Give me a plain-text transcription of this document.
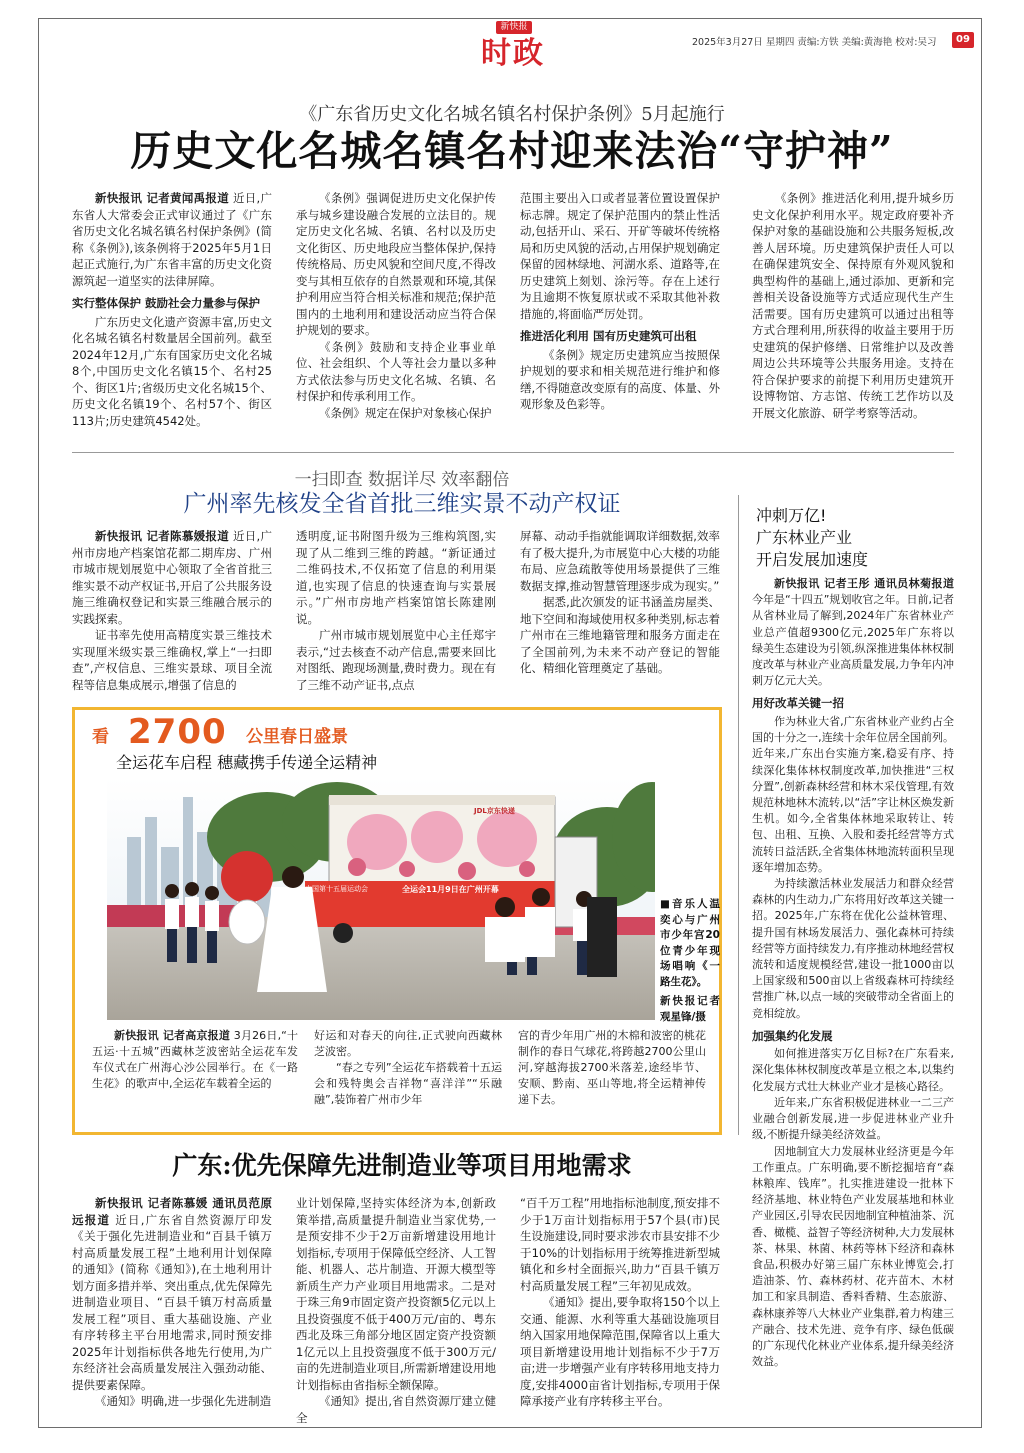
新快报
时政	2025年3月27日 星期四 责编:方铁 美编:黄海艳 校对:吴习	09
《广东省历史文化名城名镇名村保护条例》5月起施行
历史文化名城名镇名村迎来法治“守护神”

新快报讯 记者黄闻禹报道 近日,广东省人大常委会正式审议通过了《广东省历史文化名城名镇名村保护条例》(简称《条例》),该条例将于2025年5月1日起正式施行,为广东省丰富的历史文化资源筑起一道坚实的法律屏障。

实行整体保护 鼓励社会力量参与保护

广东历史文化遗产资源丰富,历史文化名城名镇名村数量居全国前列。截至2024年12月,广东有国家历史文化名城8个,中国历史文化名镇15个、名村25个、街区1片;省级历史文化名城15个、历史文化名镇19个、名村57个、街区113片;历史建筑4542处。

《条例》强调促进历史文化保护传承与城乡建设融合发展的立法目的。规定历史文化名城、名镇、名村以及历史文化街区、历史地段应当整体保护,保持传统格局、历史风貌和空间尺度,不得改变与其相互依存的自然景观和环境,其保护利用应当符合相关标准和规范;保护范围内的土地利用和建设活动应当符合保护规划的要求。

《条例》鼓励和支持企业事业单位、社会组织、个人等社会力量以多种方式依法参与历史文化名城、名镇、名村保护和传承利用工作。

《条例》规定在保护对象核心保护

范围主要出入口或者显著位置设置保护标志牌。规定了保护范围内的禁止性活动,包括开山、采石、开矿等破坏传统格局和历史风貌的活动,占用保护规划确定保留的园林绿地、河湖水系、道路等,在历史建筑上刻划、涂污等。存在上述行为且逾期不恢复原状或不采取其他补救措施的,将面临严厉处罚。

推进活化利用 国有历史建筑可出租

《条例》规定历史建筑应当按照保护规划的要求和相关规范进行维护和修缮,不得随意改变原有的高度、体量、外观形象及色彩等。

《条例》推进活化利用,提升城乡历史文化保护利用水平。规定政府要补齐保护对象的基础设施和公共服务短板,改善人居环境。历史建筑保护责任人可以在确保建筑安全、保持原有外观风貌和典型构件的基础上,通过添加、更新和完善相关设备设施等方式适应现代生产生活需要。国有历史建筑可以通过出租等方式合理利用,所获得的收益主要用于历史建筑的保护修缮、日常维护以及改善周边公共环境等公共服务用途。支持在符合保护要求的前提下利用历史建筑开设博物馆、方志馆、传统工艺作坊以及开展文化旅游、研学考察等活动。

一扫即查 数据详尽 效率翻倍
广州率先核发全省首批三维实景不动产权证

新快报讯 记者陈慕媛报道 近日,广州市房地产档案馆花都二期库房、广州市城市规划展览中心领取了全省首批三维实景不动产权证书,开启了公共服务设施三维确权登记和实景三维融合展示的实践探索。

证书率先使用高精度实景三维技术实现厘米级实景三维确权,掌上“一扫即查”,产权信息、三维实景球、项目全流程等信息集成展示,增强了信息的

透明度,证书附图升级为三维构筑图,实现了从二维到三维的跨越。“新证通过二维码技术,不仅拓宽了信息的利用渠道,也实现了信息的快速查询与实景展示。”广州市房地产档案馆馆长陈建刚说。

广州市城市规划展览中心主任郑宇表示,“过去核查不动产信息,需要来回比对图纸、跑现场测量,费时费力。现在有了三维不动产证书,点点

屏幕、动动手指就能调取详细数据,效率有了极大提升,为市展览中心大楼的功能布局、应急疏散等使用场景提供了三维数据支撑,推动智慧管理逐步成为现实。”

据悉,此次颁发的证书涵盖房屋类、地下空间和海域使用权多种类别,标志着广州市在三维地籍管理和服务方面走在了全国前列,为未来不动产登记的智能化、精细化管理奠定了基础。

看 2700 公里春日盛景
全运花车启程 穗藏携手传递全运精神
中国第十五届运动会	全运会11月9日在广州开幕
JDL京东快递
■音乐人温奕心与广州市少年宫20位青少年现场唱响《一路生花》。
新快报记者 观星锋/摄

新快报讯 记者高京报道 3月26日,“十五运·十五城”西藏林芝波密站全运花车发车仪式在广州海心沙公园举行。在《一路生花》的歌声中,全运花车载着全运的

好运和对春天的向往,正式驶向西藏林芝波密。

“春之专列”全运花车搭载着十五运会和残特奥会吉祥物“喜洋洋”“乐融融”,装饰着广州市少年

宫的青少年用广州的木棉和波密的桃花制作的春日气球花,将跨越2700公里山河,穿越海拔2700米落差,途经毕节、安顺、黔南、巫山等地,将全运精神传递下去。

广东:优先保障先进制造业等项目用地需求

新快报讯 记者陈慕媛 通讯员范原远报道 近日,广东省自然资源厅印发《关于强化先进制造业和“百县千镇万村高质量发展工程”土地利用计划保障的通知》(简称《通知》),在土地利用计划方面多措并举、突出重点,优先保障先进制造业项目、“百县千镇万村高质量发展工程”项目、重大基础设施、产业有序转移主平台用地需求,同时预安排2025年计划指标供各地先行使用,为广东经济社会高质量发展注入强劲动能、提供要素保障。

《通知》明确,进一步强化先进制造

业计划保障,坚持实体经济为本,创新政策举措,高质量提升制造业当家优势,一是预安排不少于2万亩新增建设用地计划指标,专项用于保障低空经济、人工智能、机器人、芯片制造、开源大模型等新质生产力产业项目用地需求。二是对于珠三角9市固定资产投资额5亿元以上且投资强度不低于400万元/亩的、粤东西北及珠三角部分地区固定资产投资额1亿元以上且投资强度不低于300万元/亩的先进制造业项目,所需新增建设用地计划指标由省指标全额保障。

《通知》提出,省自然资源厅建立健全

“百千万工程”用地指标池制度,预安排不少于1万亩计划指标用于57个县(市)民生设施建设,同时要求涉农市县安排不少于10%的计划指标用于统筹推进新型城镇化和乡村全面振兴,助力“百县千镇万村高质量发展工程”三年初见成效。

《通知》提出,要争取将150个以上交通、能源、水利等重大基础设施项目纳入国家用地保障范围,保障省以上重大项目新增建设用地计划指标不少于7万亩;进一步增强产业有序转移用地支持力度,安排4000亩省计划指标,专项用于保障承接产业有序转移主平台。

冲刺万亿!
广东林业产业
开启发展加速度

新快报讯 记者王彤 通讯员林菊报道 今年是“十四五”规划收官之年。日前,记者从省林业局了解到,2024年广东省林业产业总产值超9300亿元,2025年广东将以绿美生态建设为引领,纵深推进集体林权制度改革与林业产业高质量发展,力争年内冲刺万亿元大关。

用好改革关键一招

作为林业大省,广东省林业产业约占全国的十分之一,连续十余年位居全国前列。近年来,广东出台实施方案,稳妥有序、持续深化集体林权制度改革,加快推进“三权分置”,创新森林经营和林木采伐管理,有效规范林地林木流转,以“活”字让林区焕发新生机。如今,全省集体林地采取转让、转包、出租、互换、入股和委托经营等方式流转日益活跃,全省集体林地流转面积呈现逐年增加态势。

为持续激活林业发展活力和群众经营森林的内生动力,广东将用好改革这关键一招。2025年,广东将在优化公益林管理、提升国有林场发展活力、强化森林可持续经营等方面持续发力,有序推动林地经营权流转和适度规模经营,建设一批1000亩以上国家级和500亩以上省级森林可持续经营推广林,以点一域的突破带动全省面上的竞相绽放。

加强集约化发展

如何推进落实万亿目标?在广东看来,深化集体林权制度改革是立根之本,以集约化发展方式壮大林业产业才是核心路径。

近年来,广东省积极促进林业一二三产业融合创新发展,进一步促进林业产业升级,不断提升绿美经济效益。

因地制宜大力发展林业经济更是今年工作重点。广东明确,要不断挖掘培育“森林粮库、钱库”。扎实推进建设一批林下经济基地、林业特色产业发展基地和林业产业园区,引导农民因地制宜种植油茶、沉香、橄榄、益智子等经济树种,大力发展林茶、林果、林菌、林药等林下经济和森林食品,积极办好第三届广东林业博览会,打造油茶、竹、森林药材、花卉苗木、木材加工和家具制造、香料香精、生态旅游、森林康养等八大林业产业集群,着力构建三产融合、技术先进、竞争有序、绿色低碳的广东现代化林业产业体系,提升绿美经济效益。
